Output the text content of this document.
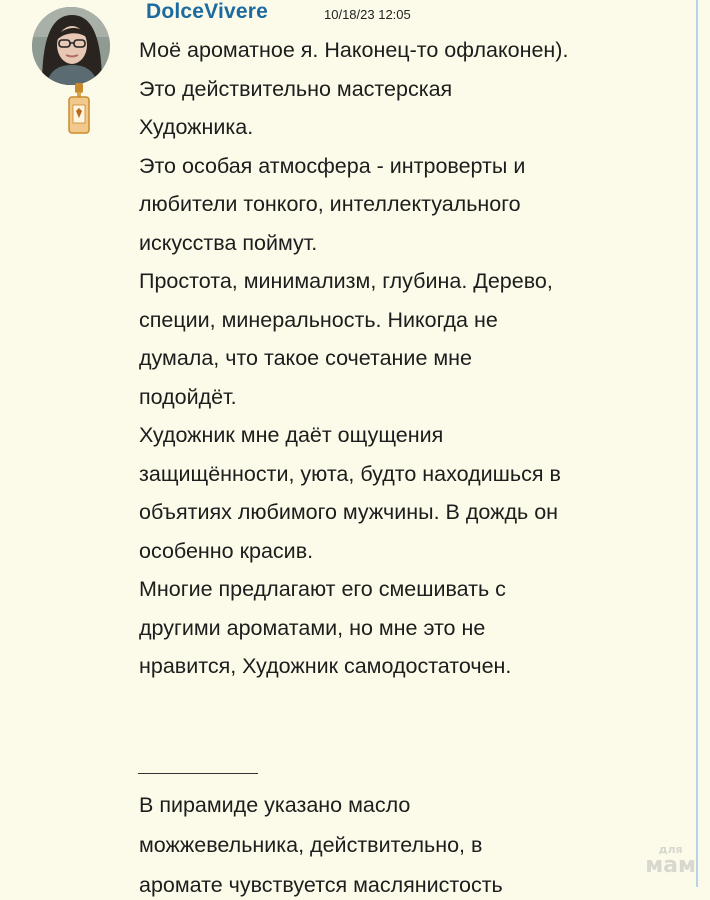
DolceVivere	10/18/23 12:05
Моё ароматное я. Наконец-то офлаконен).
Это действительно мастерская
Художника.
Это особая атмосфера - интроверты и
любители тонкого, интеллектуального
искусства поймут.
Простота, минимализм, глубина. Дерево,
специи, минеральность. Никогда не
думала, что такое сочетание мне
подойдёт.
Художник мне даёт ощущения
защищённости, уюта, будто находишься в
объятиях любимого мужчины. В дождь он
особенно красив.
Многие предлагают его смешивать с
другими ароматами, но мне это не
нравится, Художник самодостаточен.
В пирамиде указано масло
можжевельника, действительно, в
аромате чувствуется маслянистость
для
мам
